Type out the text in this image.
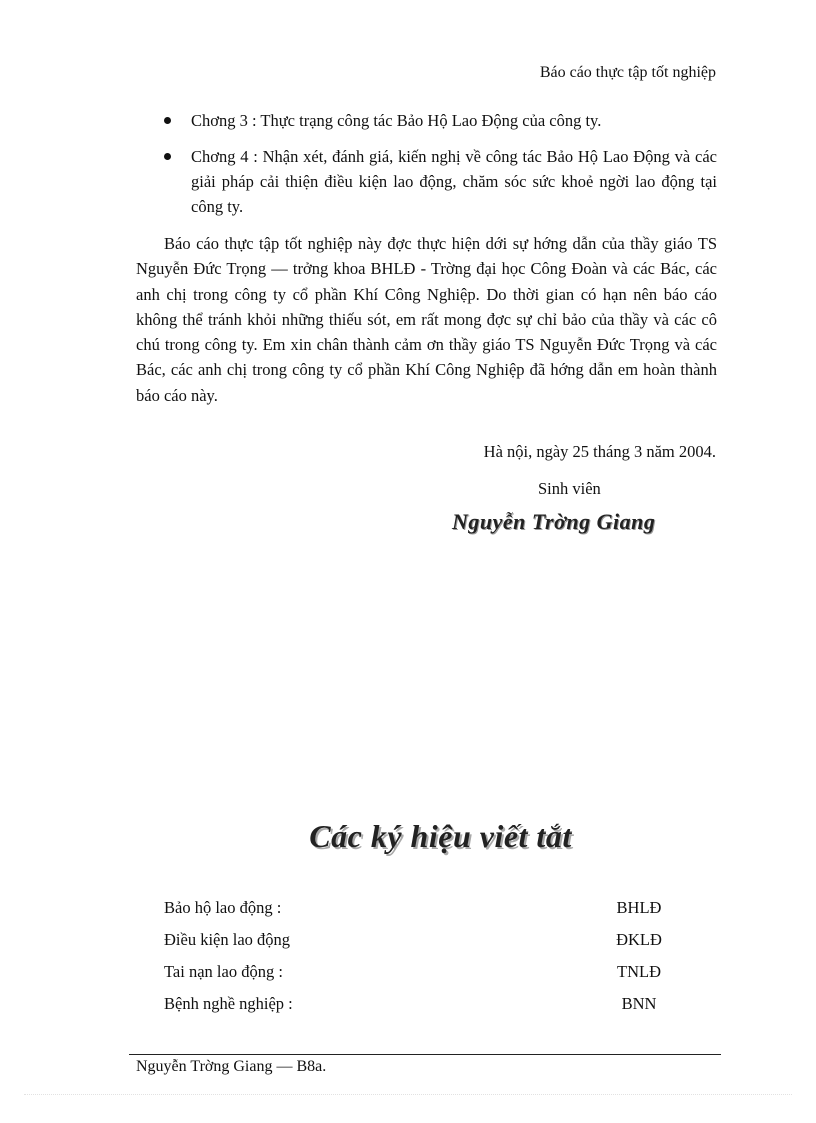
Báo cáo thực tập tốt nghiệp
Chơng 3 : Thực trạng công tác Bảo Hộ Lao Động của công ty.
Chơng 4 : Nhận xét, đánh giá, kiến nghị về công tác Bảo Hộ Lao Động và các giải pháp cải thiện điều kiện lao động, chăm sóc sức khoẻ ngời lao động tại công ty.

Báo cáo thực tập tốt nghiệp này đợc thực hiện dới sự hớng dẫn của thầy giáo TS Nguyễn Đức Trọng — trởng khoa BHLĐ - Trờng đại học Công Đoàn và các Bác, các anh chị trong công ty cổ phần Khí Công Nghiệp. Do thời gian có hạn nên báo cáo không thể tránh khỏi những thiếu sót, em rất mong đợc sự chỉ bảo của thầy và các cô chú trong công ty. Em xin chân thành cảm ơn thầy giáo TS Nguyễn Đức Trọng và các Bác, các anh chị trong công ty cổ phần Khí Công Nghiệp đã hớng dẫn em hoàn thành báo cáo này.

Hà nội, ngày 25 tháng 3 năm 2004.
Sinh viên
Nguyễn Trờng Giang
Các ký hiệu viết tắt
Bảo hộ lao động :	BHLĐ
Điều kiện lao động	ĐKLĐ
Tai nạn lao động :	TNLĐ
Bệnh nghề nghiệp :	BNN
Nguyễn Trờng Giang — B8a.
